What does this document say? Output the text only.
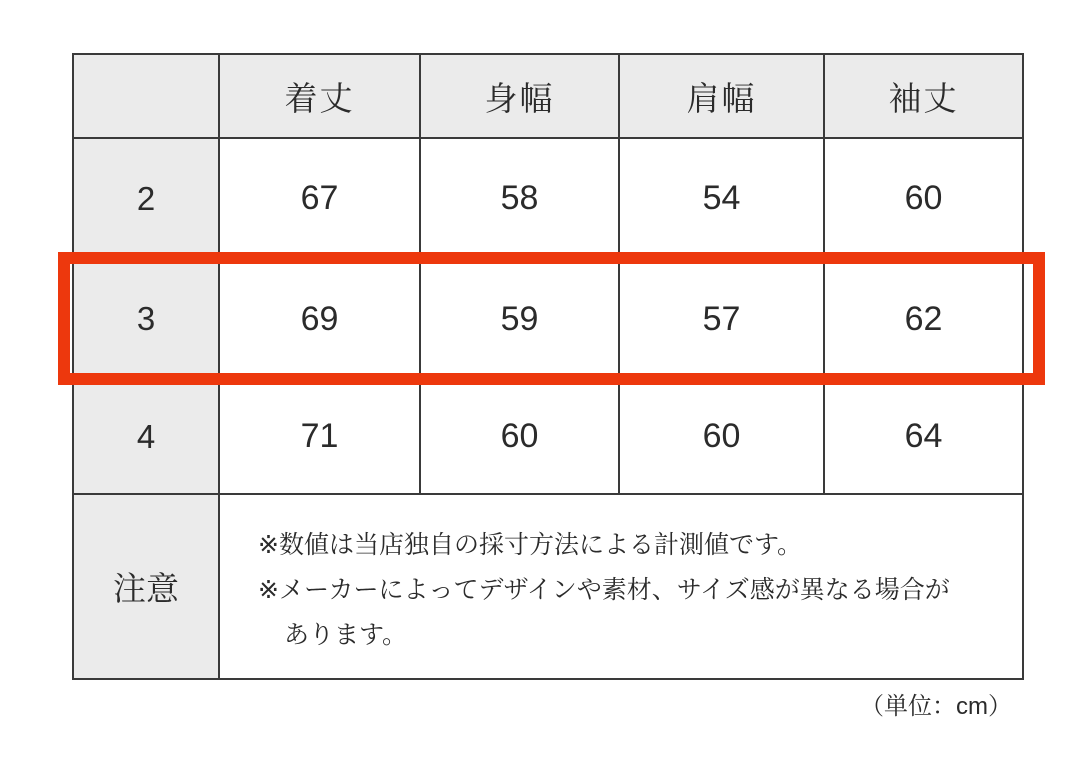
	着丈	身幅	肩幅	袖丈
2	67	58	54	60
3	69	59	57	62
4	71	60	60	64
注意	※数値は当店独自の採寸方法による計測値です。
※メーカーによってデザインや素材、サイズ感が異なる場合が
あります。			
（単位：cm）
